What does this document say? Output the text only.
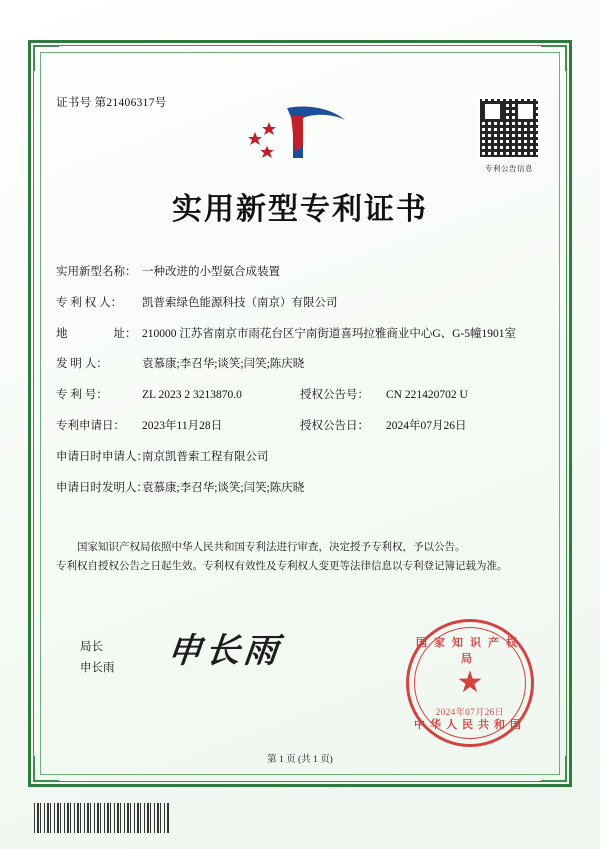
证书号 第21406317号
专利公告信息
实用新型专利证书
实用新型名称： 一种改进的小型氨合成装置
专 利 权 人：	凯普索绿色能源科技（南京）有限公司
地　　　　址： 210000 江苏省南京市雨花台区宁南街道喜玛拉雅商业中心G、G-5幢1901室
发 明 人：	袁慕康;李召华;谈笑;闫笑;陈庆晓
专 利 号：	ZL 2023 2 3213870.0	授权公告号：	CN 221420702 U
专利申请日：	2023年11月28日	授权公告日：	2024年07月26日
申请日时申请人：
南京凯普索工程有限公司
申请日时发明人：
袁慕康;李召华;谈笑;闫笑;陈庆晓

国家知识产权局依照中华人民共和国专利法进行审查，决定授予专利权，予以公告。

专利权自授权公告之日起生效。专利权有效性及专利权人变更等法律信息以专利登记簿记载为准。

局长
申长雨 申长雨	国家知识产权局
★
2024年07月26日
中华人民共和国
第 1 页 (共 1 页)
